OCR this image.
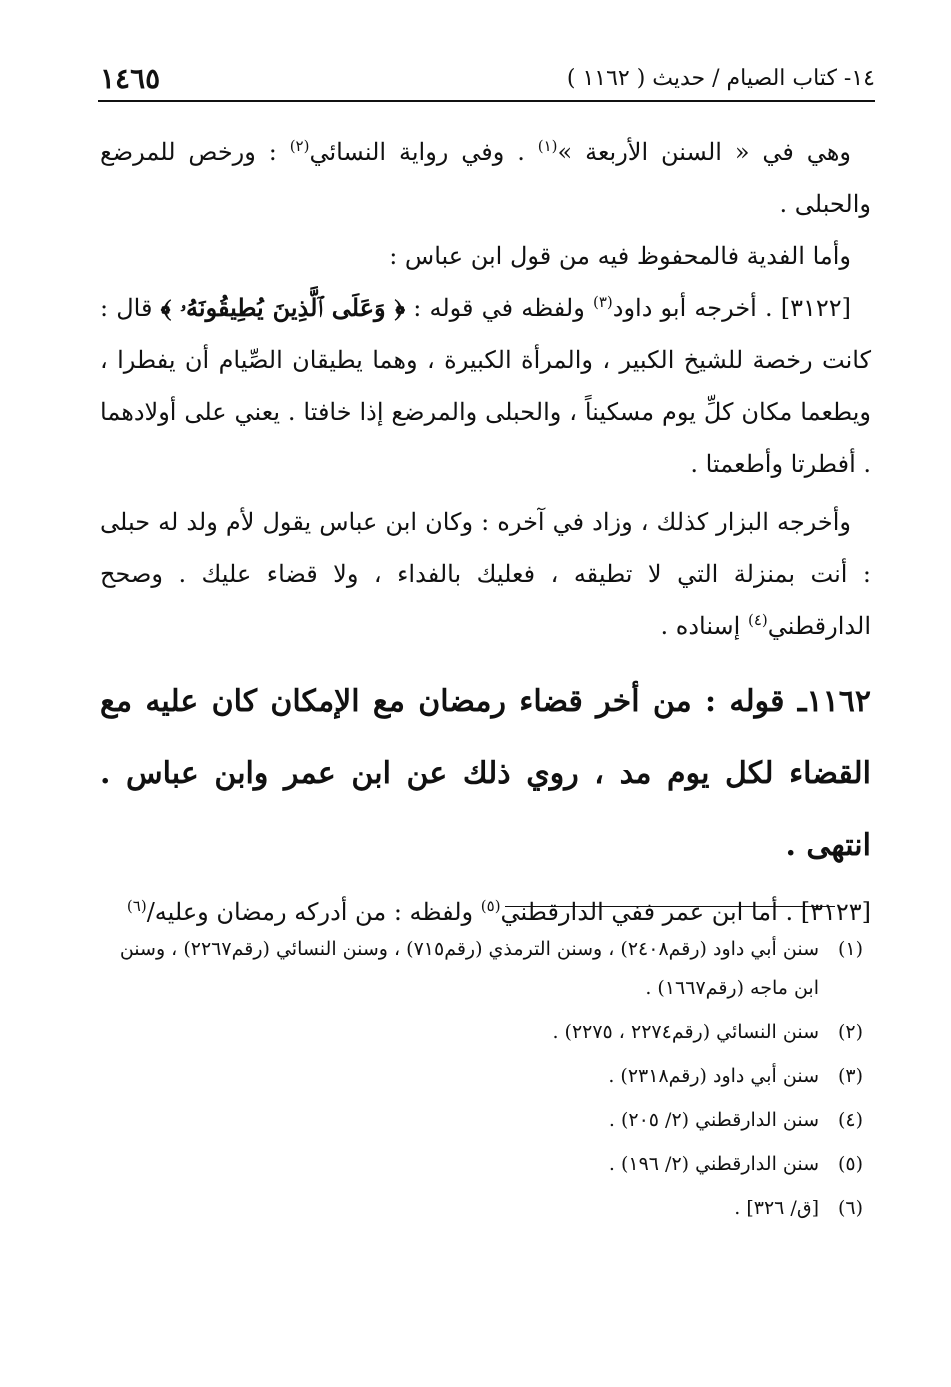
١٤- كتاب الصيام / حديث ( ١١٦٢ )
١٤٦٥

وهي في « السنن الأربعة »$^{(١)}$ . وفي رواية النسائي$^{(٢)}$ : ورخص للمرضع والحبلى .

وأما الفدية فالمحفوظ فيه من قول ابن عباس :

[٣١٢٢] . أخرجه أبو داود$^{(٣)}$ ولفظه في قوله : ﴿ وَعَلَى ٱلَّذِينَ يُطِيقُونَهُۥ ﴾ قال : كانت رخصة للشيخ الكبير ، والمرأة الكبيرة ، وهما يطيقان الصِّيام أن يفطرا ، ويطعما مكان كلِّ يوم مسكيناً ، والحبلى والمرضع إذا خافتا . يعني على أولادهما . أفطرتا وأطعمتا .

وأخرجه البزار كذلك ، وزاد في آخره : وكان ابن عباس يقول لأم ولد له حبلى : أنت بمنزلة التي لا تطيقه ، فعليك بالفداء ، ولا قضاء عليك . وصحح الدارقطني$^{(٤)}$ إسناده .

١١٦٢ـ قوله : من أخر قضاء رمضان مع الإمكان كان عليه مع القضاء لكل يوم مد ، روي ذلك عن ابن عمر وابن عباس . انتهى .

[٣١٢٣] . أما ابن عمر ففي الدارقطني$^{(٥)}$ ولفظه : من أدركه رمضان وعليه/$^{(٦)}$

(١)
سنن أبي داود (رقم٢٤٠٨) ، وسنن الترمذي (رقم٧١٥) ، وسنن النسائي (رقم٢٢٦٧) ، وسنن ابن ماجه (رقم١٦٦٧) .
(٢)
سنن النسائي (رقم٢٢٧٤ ، ٢٢٧٥) .
(٣)
سنن أبي داود (رقم٢٣١٨) .
(٤)
سنن الدارقطني (٢/ ٢٠٥) .
(٥)
سنن الدارقطني (٢/ ١٩٦) .
(٦)
[ق/ ٣٢٦] .
